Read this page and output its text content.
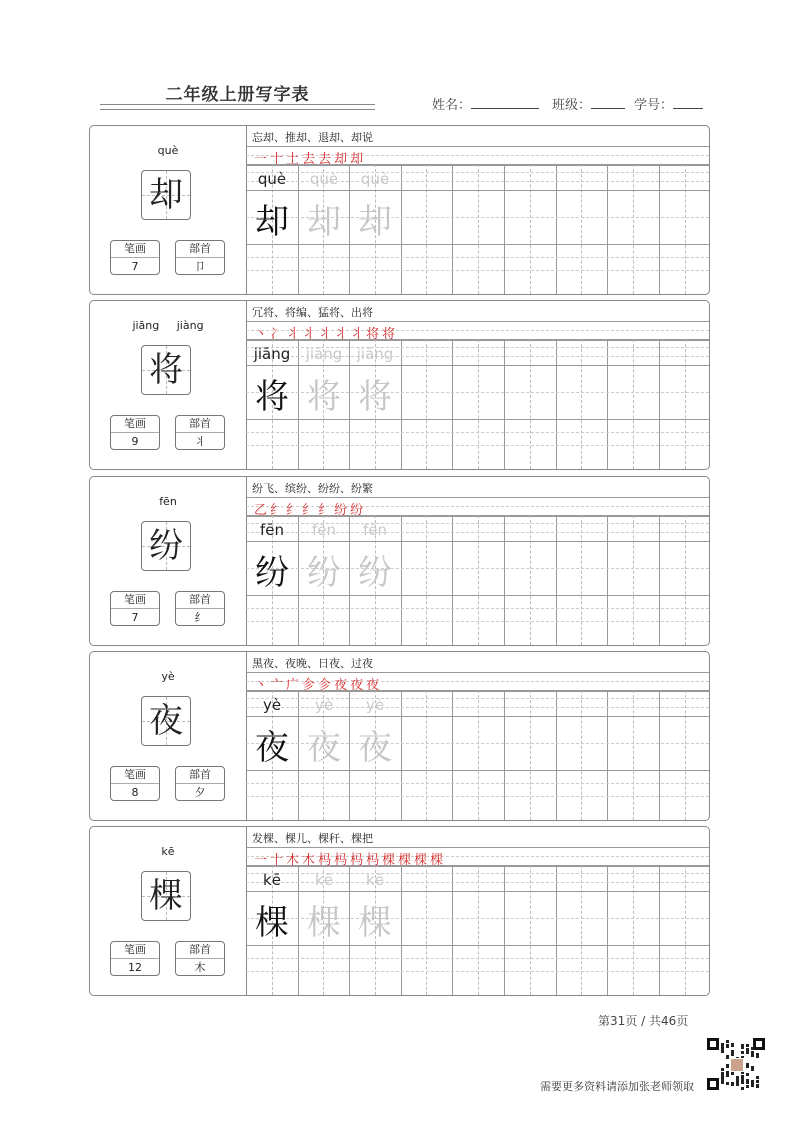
二年级上册写字表
姓名：	班级：	学号：
què
却
笔画
7
部首
卩
忘却、推却、退却、却说
一十土去去却却
què	què	què
却 却 却
jiāng jiàng
将
笔画
9
部首
丬
冗将、将编、猛将、出将
丶冫丬丬丬丬丬将将
jiāng	jiāng jiāng
将 将 将
fēn
纷
笔画
7
部首
纟
纷飞、缤纷、纷纷、纷繁
乙纟纟纟纟纷纷
fēn	fēn	fēn
纷 纷 纷
yè
夜
笔画
8
部首
夕
黑夜、夜晚、日夜、过夜
丶亠广㐱㐱夜夜夜
yè	yè	yè
夜 夜 夜
kē
棵
笔画
12
部首
木
发棵、棵儿、棵秆、棵把
一十木木杩杩杩杩棵棵棵棵
kē	kē	kē
棵 棵 棵
第31页 / 共46页
需要更多资料请添加张老师领取
